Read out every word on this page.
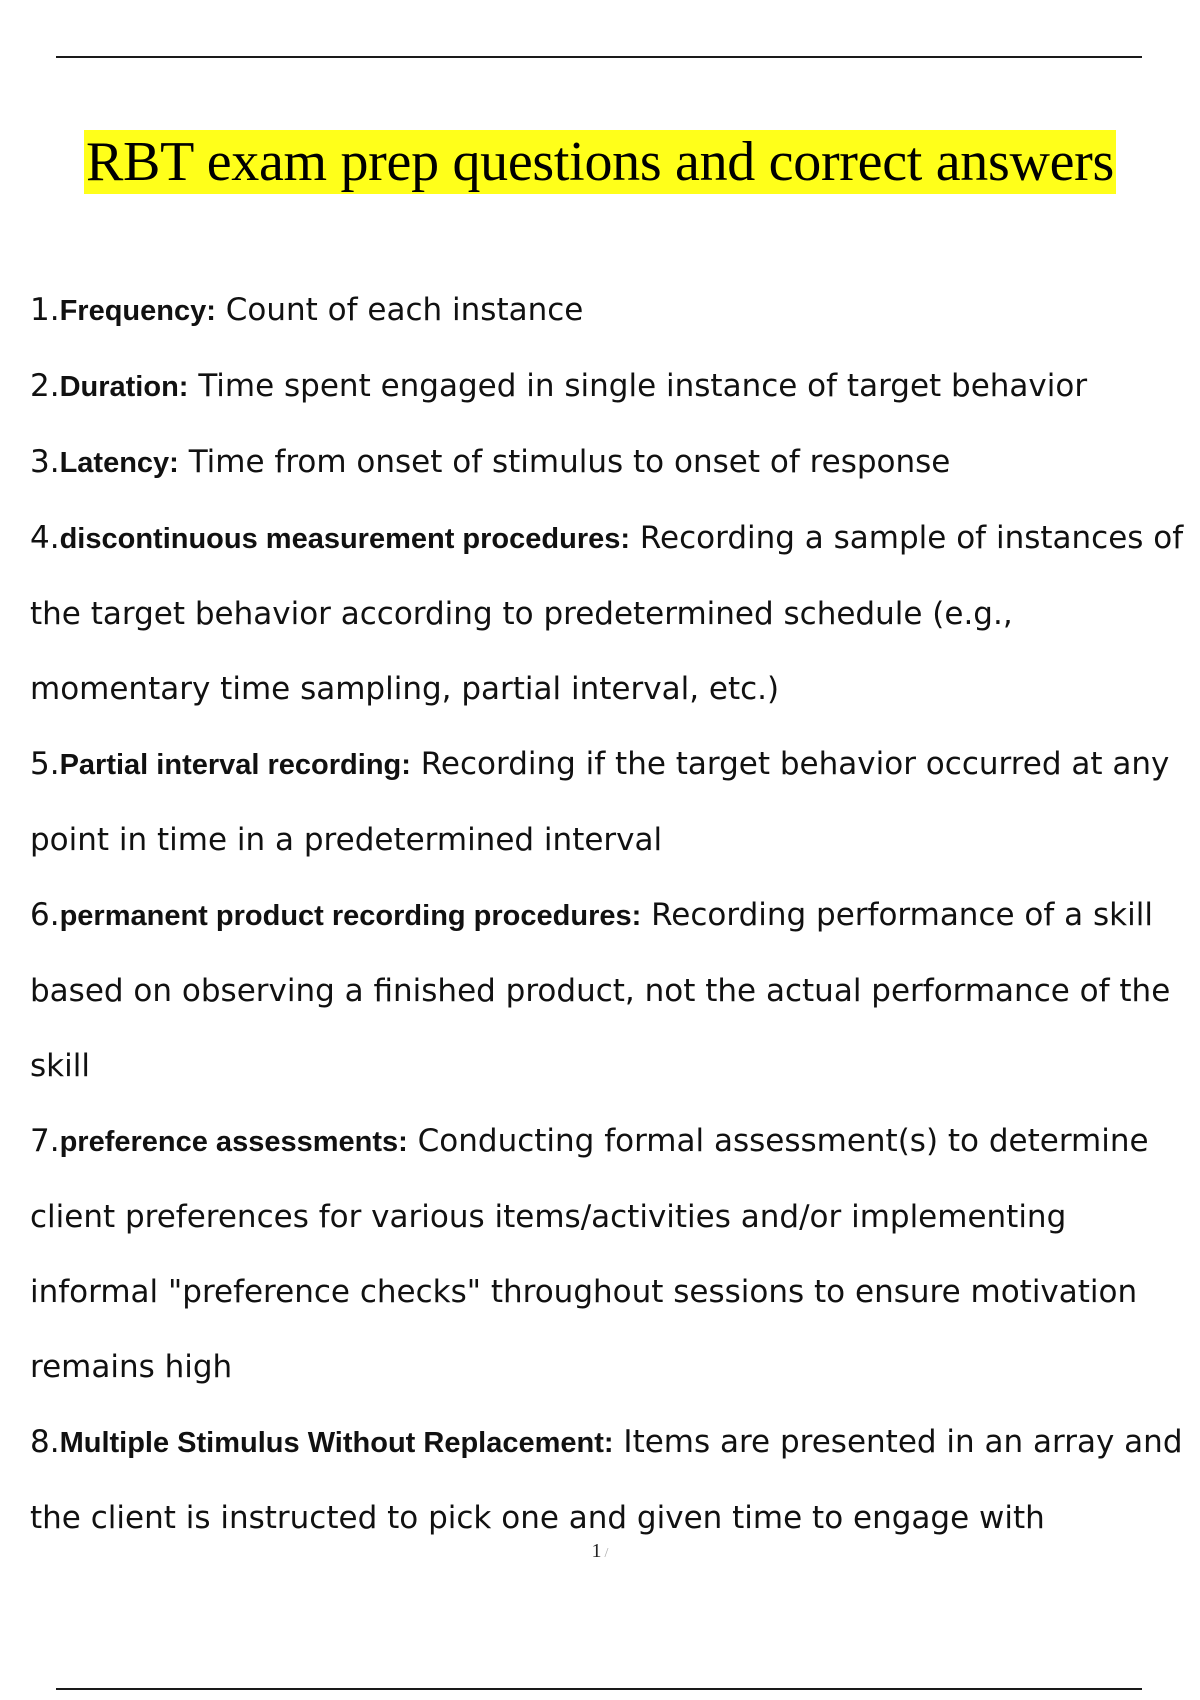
RBT exam prep questions and correct answers

1.Frequency: Count of each instance

2.Duration: Time spent engaged in single instance of target behavior

3.Latency: Time from onset of stimulus to onset of response

4.discontinuous measurement procedures: Recording a sample of instances of the target behavior according to predetermined schedule (e.g., momentary time sampling, partial interval, etc.)

5.Partial interval recording: Recording if the target behavior occurred at any point in time in a predetermined interval

6.permanent product recording procedures: Recording performance of a skill based on observing a finished product, not the actual performance of the skill

7.preference assessments: Conducting formal assessment(s) to determine client preferences for various items/activities and/or implementing informal "preference checks" throughout sessions to ensure motivation remains high

8.Multiple Stimulus Without Replacement: Items are presented in an array and the client is instructed to pick one and given time to engage with

1 /
